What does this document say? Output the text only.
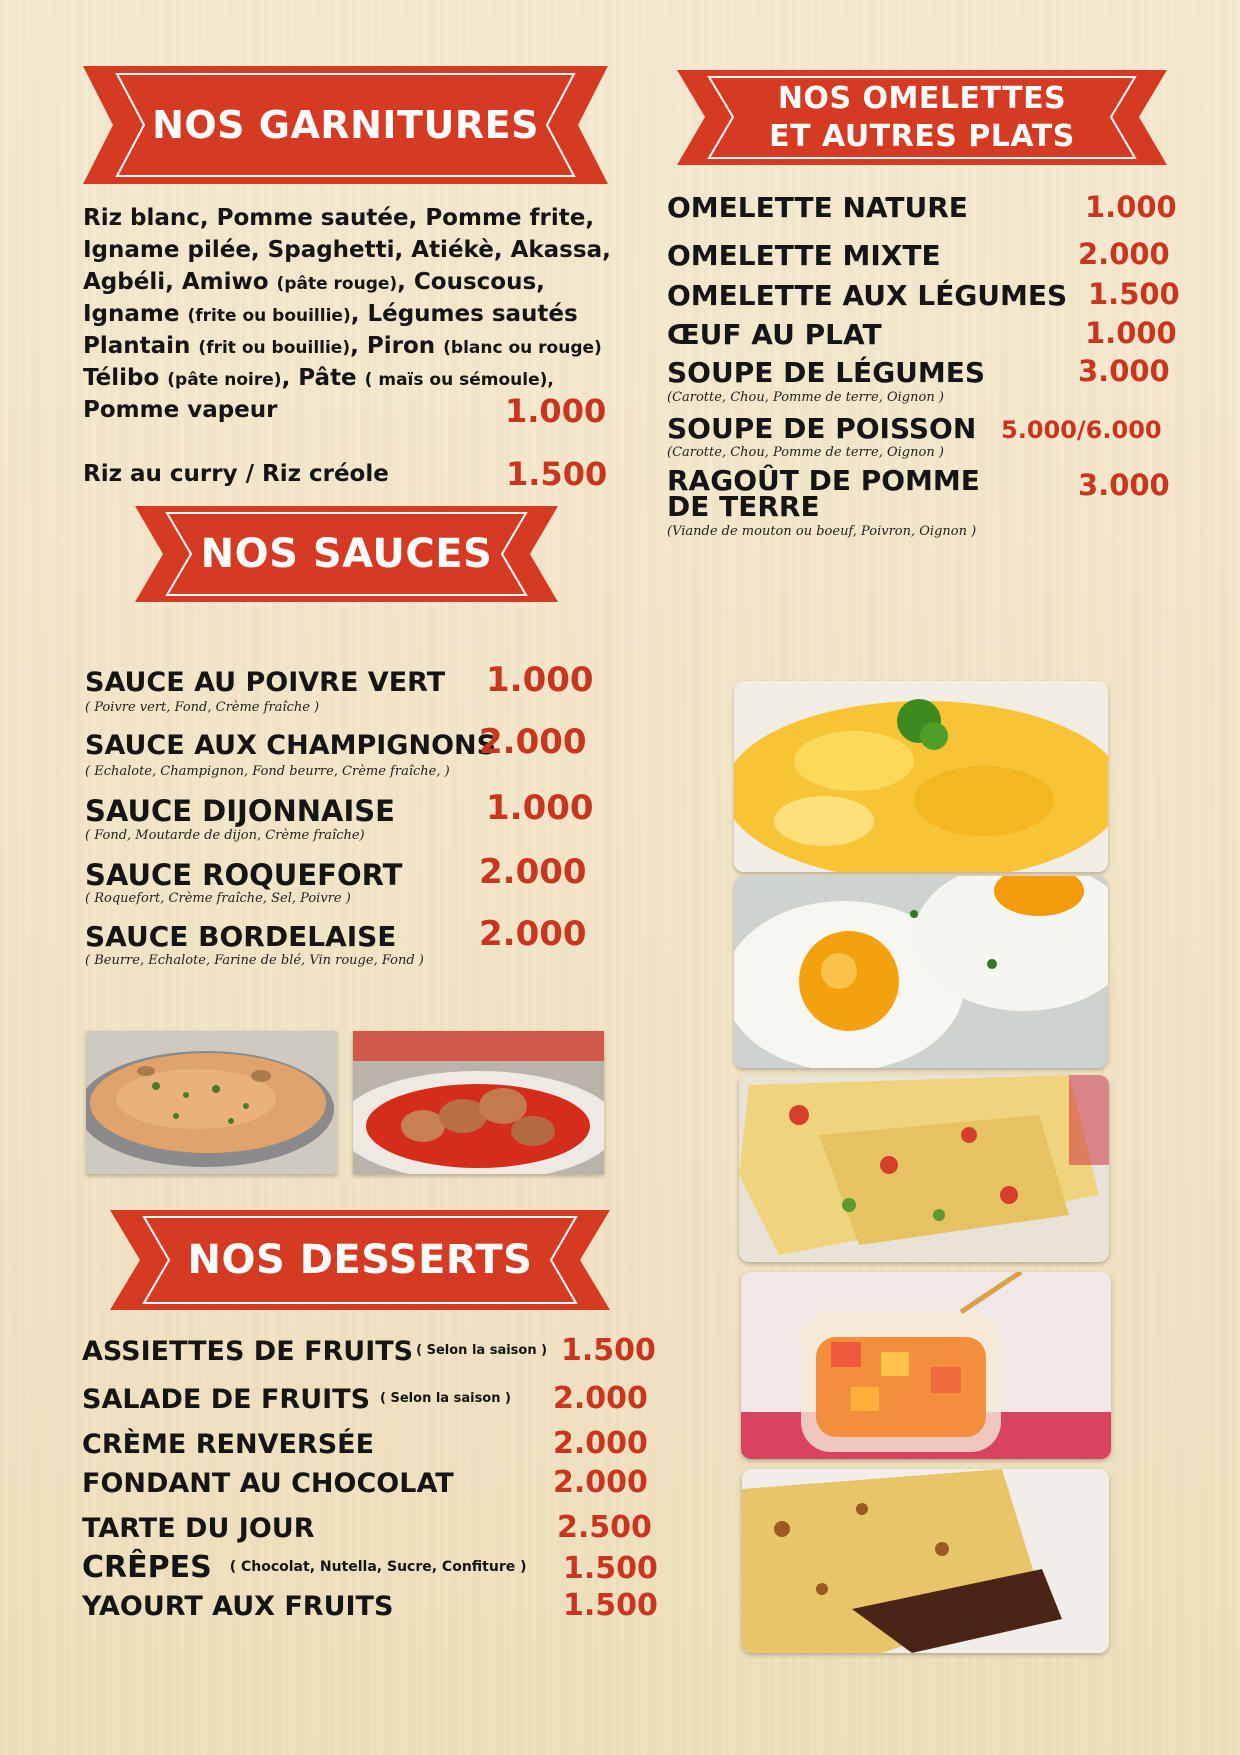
NOS GARNITURES
Riz blanc, Pomme sautée, Pomme frite,
Igname pilée, Spaghetti, Atiékè, Akassa,
Agbéli, Amiwo (pâte rouge), Couscous,
Igname (frite ou bouillie), Légumes sautés
Plantain (frit ou bouillie), Piron (blanc ou rouge)
Télibo (pâte noire), Pâte ( maïs ou sémoule),
Pomme vapeur	1.000
Riz au curry / Riz créole	1.500
NOS OMELETTES
ET AUTRES PLATS
OMELETTE NATURE	1.000
OMELETTE MIXTE	2.000
OMELETTE AUX LÉGUMES 1.500
ŒUF AU PLAT	1.000
SOUPE DE LÉGUMES	3.000
(Carotte, Chou, Pomme de terre, Oignon )
SOUPE DE POISSON 5.000/6.000
(Carotte, Chou, Pomme de terre, Oignon )
RAGOÛT DE POMME
DE TERRE
3.000
(Viande de mouton ou boeuf, Poivron, Oignon )
NOS SAUCES
SAUCE AU POIVRE VERT 1.000
( Poivre vert, Fond, Crème fraîche )
SAUCE AUX CHAMPIGNONS
2.000
( Echalote, Champignon, Fond beurre, Crème fraîche, )
SAUCE DIJONNAISE	1.000
( Fond, Moutarde de dijon, Crème fraîche)
SAUCE ROQUEFORT 2.000
( Roquefort, Crème fraîche, Sel, Poivre )
SAUCE BORDELAISE 2.000
( Beurre, Echalote, Farine de blé, Vin rouge, Fond )
NOS DESSERTS
ASSIETTES DE FRUITS $^{( Selon la saison )}$ 1.500
SALADE DE FRUITS $^{( Selon la saison )}$ 2.000
CRÈME RENVERSÉE	2.000
FONDANT AU CHOCOLAT	2.000
TARTE DU JOUR	2.500
CRÊPES $^{( Chocolat, Nutella, Sucre, Confiture )}$ 1.500
YAOURT AUX FRUITS	1.500
